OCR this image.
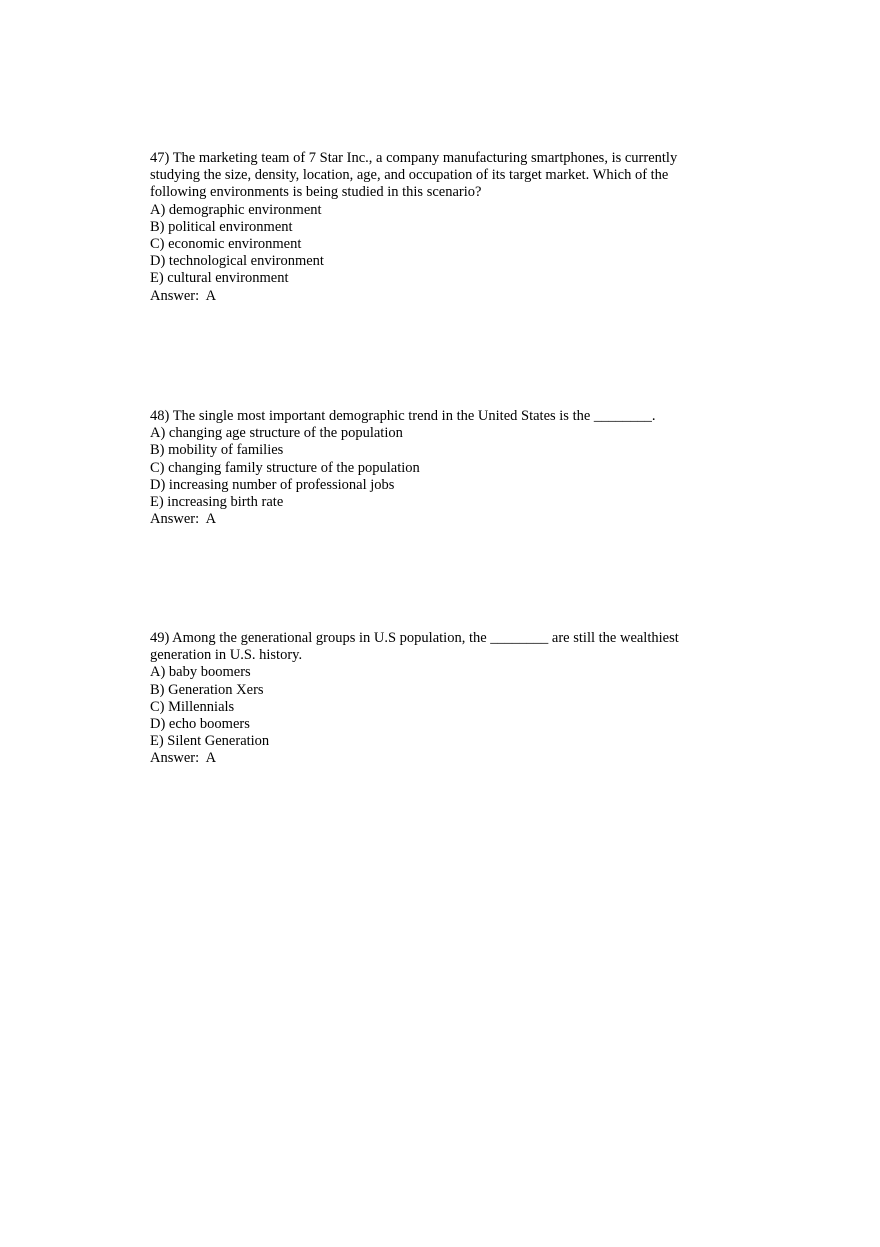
47) The marketing team of 7 Star Inc., a company manufacturing smartphones, is currently studying the size, density, location, age, and occupation of its target market. Which of the following environments is being studied in this scenario?
A) demographic environment
B) political environment
C) economic environment
D) technological environment
E) cultural environment
Answer:  A
48) The single most important demographic trend in the United States is the ________.
A) changing age structure of the population
B) mobility of families
C) changing family structure of the population
D) increasing number of professional jobs
E) increasing birth rate
Answer:  A
49) Among the generational groups in U.S population, the ________ are still the wealthiest generation in U.S. history.
A) baby boomers
B) Generation Xers
C) Millennials
D) echo boomers
E) Silent Generation
Answer:  A
